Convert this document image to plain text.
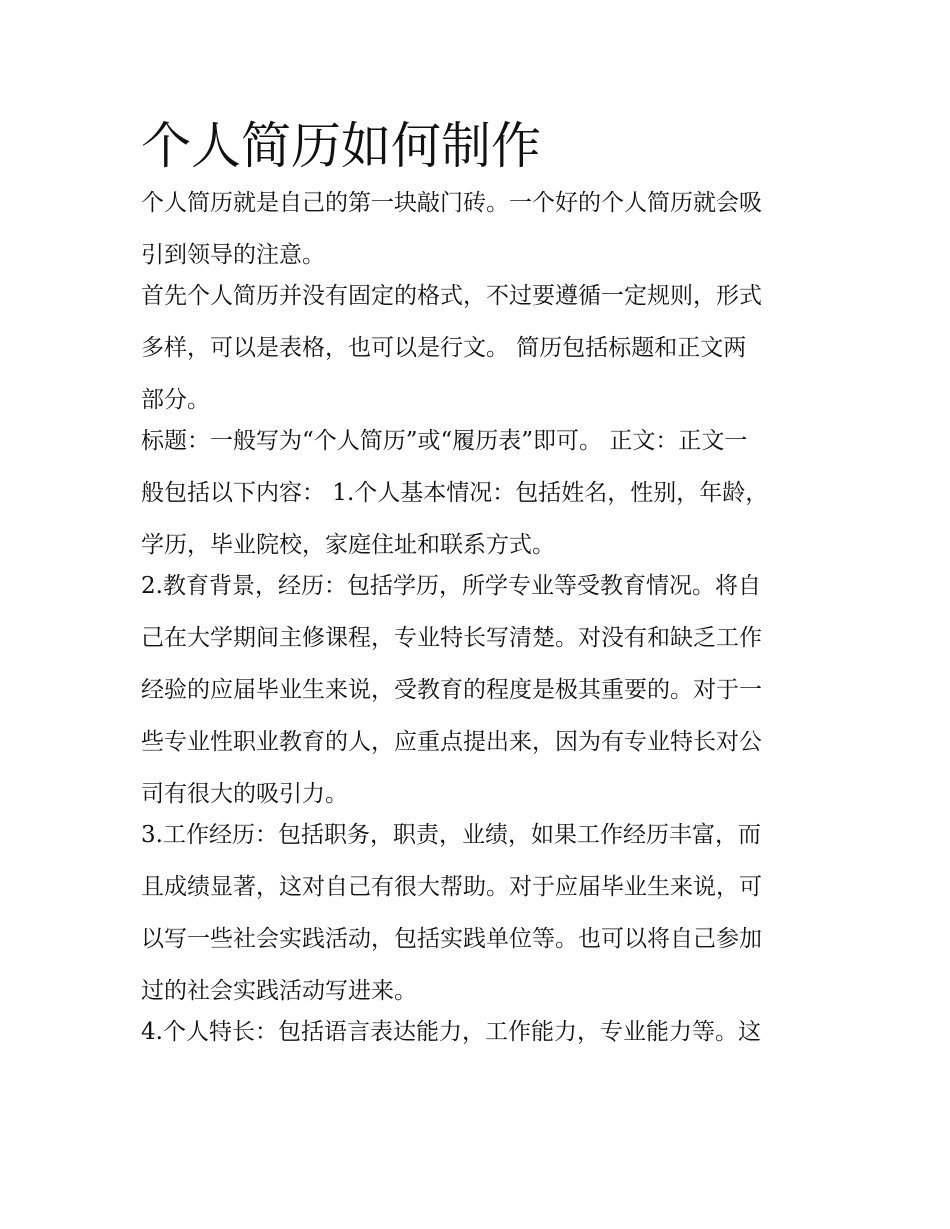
个人简历如何制作

个人简历就是自己的第一块敲门砖。一个好的个人简历就会吸
引到领导的注意。

首先个人简历并没有固定的格式，不过要遵循一定规则，形式
多样，可以是表格，也可以是行文。 简历包括标题和正文两
部分。

标题：一般写为“个人简历”或“履历表”即可。 正文：正文一
般包括以下内容： 1.个人基本情况：包括姓名，性别，年龄，
学历，毕业院校，家庭住址和联系方式。

2.教育背景，经历：包括学历，所学专业等受教育情况。将自
己在大学期间主修课程，专业特长写清楚。对没有和缺乏工作
经验的应届毕业生来说，受教育的程度是极其重要的。对于一
些专业性职业教育的人，应重点提出来，因为有专业特长对公
司有很大的吸引力。

3.工作经历：包括职务，职责，业绩，如果工作经历丰富，而
且成绩显著，这对自己有很大帮助。对于应届毕业生来说，可
以写一些社会实践活动，包括实践单位等。也可以将自己参加
过的社会实践活动写进来。

4.个人特长：包括语言表达能力，工作能力，专业能力等。这
